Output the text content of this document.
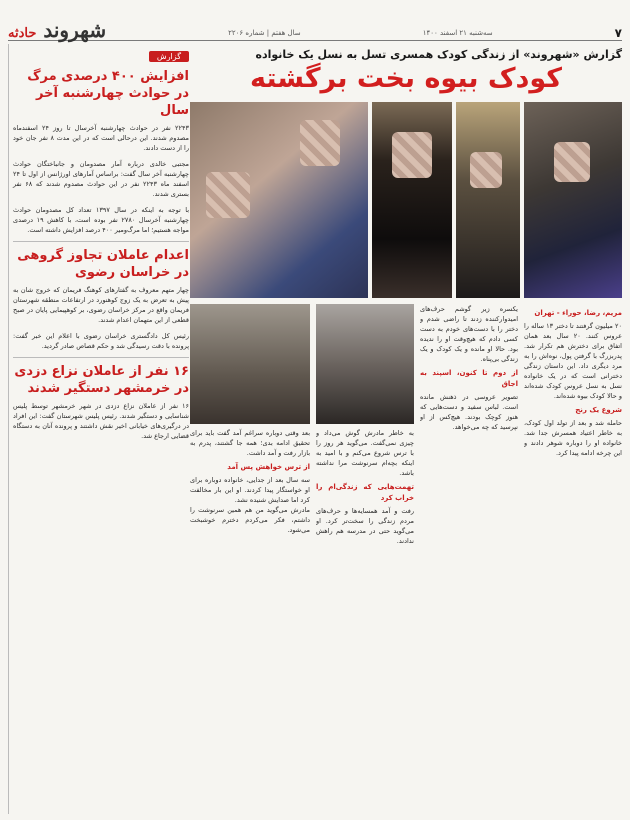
۷
سه‌شنبه ۲۱ اسفند ۱۴۰۰
سال هفتم | شماره ۲۲۰۶
شهروند حادثه
گزارش «شهروند» از زندگی کودک همسری تسل به نسل یک خانواده
کودک بیوه بخت برگشته
مریم، رضا، حوراء - تهران
۲۰ میلیون گرفتند تا دختر ۱۳ ساله را عروس کنند. ۲۰ سال بعد همان اتفاق برای دخترش هم تکرار شد. پدربزرگ با گرفتن پول، نوه‌اش را به مرد دیگری داد. این داستان زندگی دخترانی است که در یک خانواده نسل به نسل عروس کودک شده‌اند و حالا کودک بیوه شده‌اند.
شروع یک رنج
حامله شد و بعد از تولد اول کودک، به خاطر اعتیاد همسرش جدا شد. خانواده او را دوباره شوهر دادند و این چرخه ادامه پیدا کرد.
یکسره زیر گوشم حرف‌های امیدوارکننده زدند تا راضی شدم و دختر را با دست‌های خودم به دست کسی دادم که هیچ‌وقت او را ندیده بود. حالا او مانده و یک کودک و یک زندگی بی‌پناه.
از دوم تا کنون، اسپند به اجاق
تصویر عروسی در ذهنش مانده است. لباس سفید و دست‌هایی که هنوز کوچک بودند. هیچ‌کس از او نپرسید که چه می‌خواهد.
به خاطر مادرش گوش می‌داد و چیزی نمی‌گفت. می‌گوید هر روز را با ترس شروع می‌کنم و با امید به اینکه بچه‌ام سرنوشت مرا نداشته باشد.
تهمت‌هایی که زندگی‌ام را خراب کرد
رفت و آمد همسایه‌ها و حرف‌های مردم زندگی را سخت‌تر کرد. او می‌گوید حتی در مدرسه هم راهش ندادند.
بعد وقتی دوباره سراغم آمد گفت باید برای تحقیق ادامه بدی؛ همه جا گشتند، پدرم به بازار رفت و آمد داشت.
از ترس خواهش پس آمد
سه سال بعد از جدایی، خانواده دوباره برای او خواستگار پیدا کردند. او این بار مخالفت کرد اما صدایش شنیده نشد.
مادرش می‌گوید من هم همین سرنوشت را داشتم، فکر می‌کردم دخترم خوشبخت می‌شود.
گزارش
افزایش ۴۰۰ درصدی مرگ در حوادث چهارشنبه آخر سال

۲۲۴۳ نفر در حوادث چهارشنبه آخرسال تا روز ۲۴ اسفندماه مصدوم شدند. این درحالی است که در این مدت ۸ نفر جان خود را از دست دادند.

مجتبی خالدی درباره آمار مصدومان و جانباختگان حوادث چهارشنبه آخر سال گفت: براساس آمارهای اورژانس از اول تا ۲۴ اسفند ماه ۲۲۴۳ نفر در این حوادث مصدوم شدند که ۶۸ نفر بستری شدند.

با توجه به اینکه در سال ۱۳۹۷ تعداد کل مصدومان حوادث چهارشنبه آخرسال ۲۷۸۰ نفر بوده است، با کاهش ۱۹ درصدی مواجه هستیم؛ اما مرگ‌ومیر ۴۰۰ درصد افزایش داشته است.

اعدام عاملان تجاوز گروهی در خراسان رضوی

چهار متهم معروف به گفتارهای کوهنگ فریمان که خروج شان به پیش به تعرض به یک زوج کوهنورد در ارتفاعات منطقه شهرستان فریمان واقع در مرکز خراسان رضوی، بر کوهپیمایی پایان در صبح قطعی از این متهمان اعدام شدند.

رئیس کل دادگستری خراسان رضوی با اعلام این خبر گفت: پرونده با دقت رسیدگی شد و حکم قصاص صادر گردید.

۱۶ نفر از عاملان نزاع دزدی در خرمشهر دستگیر شدند

۱۶ نفر از عاملان نزاع دزدی در شهر خرمشهر توسط پلیس شناسایی و دستگیر شدند. رئیس پلیس شهرستان گفت: این افراد در درگیری‌های خیابانی اخیر نقش داشتند و پرونده آنان به دستگاه قضایی ارجاع شد.
